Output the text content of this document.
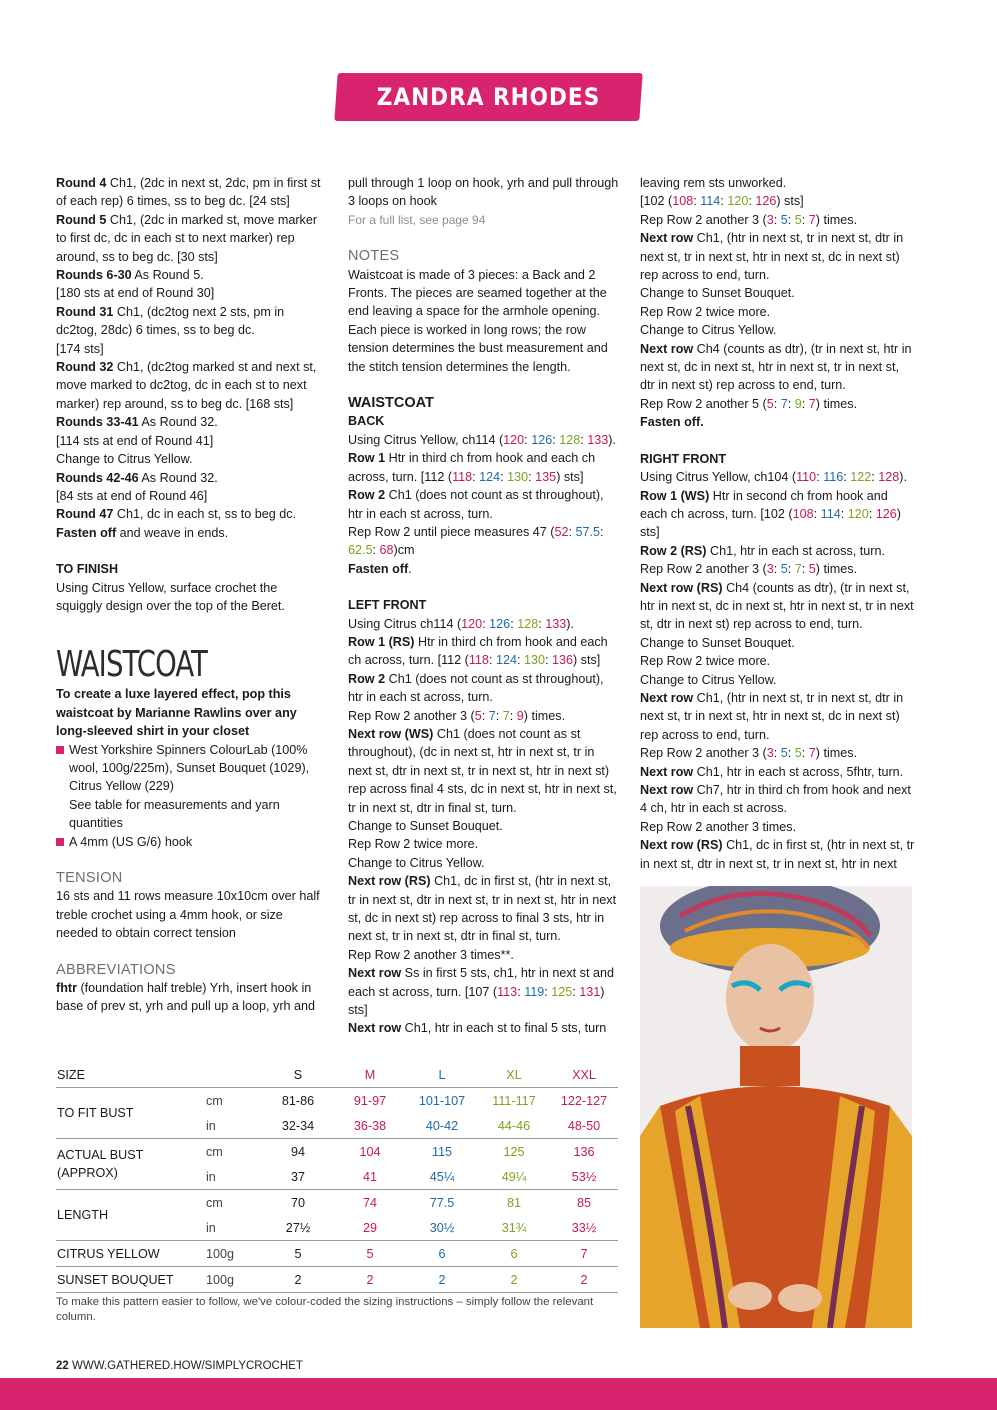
ZANDRA RHODES COLLECTION

Round 4 Ch1, (2dc in next st, 2dc, pm in first st of each rep) 6 times, ss to beg dc. [24 sts]

Round 5 Ch1, (2dc in marked st, move marker to first dc, dc in each st to next marker) rep around, ss to beg dc. [30 sts]

Rounds 6-30 As Round 5.

[180 sts at end of Round 30]

Round 31 Ch1, (dc2tog next 2 sts, pm in dc2tog, 28dc) 6 times, ss to beg dc.

[174 sts]

Round 32 Ch1, (dc2tog marked st and next st, move marked to dc2tog, dc in each st to next marker) rep around, ss to beg dc. [168 sts]

Rounds 33-41 As Round 32.

[114 sts at end of Round 41]

Change to Citrus Yellow.

Rounds 42-46 As Round 32.

[84 sts at end of Round 46]

Round 47 Ch1, dc in each st, ss to beg dc.

Fasten off and weave in ends.

TO FINISH

Using Citrus Yellow, surface crochet the squiggly design over the top of the Beret.

WAISTCOAT

To create a luxe layered effect, pop this waistcoat by Marianne Rawlins over any long-sleeved shirt in your closet

West Yorkshire Spinners ColourLab (100% wool, 100g/225m), Sunset Bouquet (1029), Citrus Yellow (229)

See table for measurements and yarn quantities

A 4mm (US G/6) hook

TENSION

16 sts and 11 rows measure 10x10cm over half treble crochet using a 4mm hook, or size needed to obtain correct tension

ABBREVIATIONS

fhtr (foundation half treble) Yrh, insert hook in base of prev st, yrh and pull up a loop, yrh and

pull through 1 loop on hook, yrh and pull through 3 loops on hook

For a full list, see page 94

NOTES

Waistcoat is made of 3 pieces: a Back and 2 Fronts. The pieces are seamed together at the end leaving a space for the armhole opening. Each piece is worked in long rows; the row tension determines the bust measurement and the stitch tension determines the length.

WAISTCOAT

BACK

Using Citrus Yellow, ch114 (120: 126: 128: 133).

Row 1 Htr in third ch from hook and each ch across, turn. [112 (118: 124: 130: 135) sts]

Row 2 Ch1 (does not count as st throughout), htr in each st across, turn.

Rep Row 2 until piece measures 47 (52: 57.5: 62.5: 68)cm

Fasten off.

LEFT FRONT

Using Citrus ch114 (120: 126: 128: 133).

Row 1 (RS) Htr in third ch from hook and each ch across, turn. [112 (118: 124: 130: 136) sts]

Row 2 Ch1 (does not count as st throughout), htr in each st across, turn.

Rep Row 2 another 3 (5: 7: 7: 9) times.

Next row (WS) Ch1 (does not count as st throughout), (dc in next st, htr in next st, tr in next st, dtr in next st, tr in next st, htr in next st) rep across final 4 sts, dc in next st, htr in next st, tr in next st, dtr in final st, turn.

Change to Sunset Bouquet.

Rep Row 2 twice more.

Change to Citrus Yellow.

Next row (RS) Ch1, dc in first st, (htr in next st, tr in next st, dtr in next st, tr in next st, htr in next st, dc in next st) rep across to final 3 sts, htr in next st, tr in next st, dtr in final st, turn.

Rep Row 2 another 3 times**.

Next row Ss in first 5 sts, ch1, htr in next st and each st across, turn. [107 (113: 119: 125: 131) sts]

Next row Ch1, htr in each st to final 5 sts, turn

leaving rem sts unworked.

[102 (108: 114: 120: 126) sts]

Rep Row 2 another 3 (3: 5: 5: 7) times.

Next row Ch1, (htr in next st, tr in next st, dtr in next st, tr in next st, htr in next st, dc in next st) rep across to end, turn.

Change to Sunset Bouquet.

Rep Row 2 twice more.

Change to Citrus Yellow.

Next row Ch4 (counts as dtr), (tr in next st, htr in next st, dc in next st, htr in next st, tr in next st, dtr in next st) rep across to end, turn.

Rep Row 2 another 5 (5: 7: 9: 7) times.

Fasten off.

RIGHT FRONT

Using Citrus Yellow, ch104 (110: 116: 122: 128).

Row 1 (WS) Htr in second ch from hook and each ch across, turn. [102 (108: 114: 120: 126) sts]

Row 2 (RS) Ch1, htr in each st across, turn.

Rep Row 2 another 3 (3: 5: 7: 5) times.

Next row (RS) Ch4 (counts as dtr), (tr in next st, htr in next st, dc in next st, htr in next st, tr in next st, dtr in next st) rep across to end, turn.

Change to Sunset Bouquet.

Rep Row 2 twice more.

Change to Citrus Yellow.

Next row Ch1, (htr in next st, tr in next st, dtr in next st, tr in next st, htr in next st, dc in next st) rep across to end, turn.

Rep Row 2 another 3 (3: 5: 5: 7) times.

Next row Ch1, htr in each st across, 5fhtr, turn.

Next row Ch7, htr in third ch from hook and next 4 ch, htr in each st across.

Rep Row 2 another 3 times.

Next row (RS) Ch1, dc in first st, (htr in next st, tr in next st, dtr in next st, tr in next st, htr in next

SIZE		S	M	L	XL	XXL
TO FIT BUST	cm	81-86	91-97	101-107	111-117	122-127
	in	32-34	36-38	40-42	44-46	48-50
ACTUAL BUST (APPROX)	cm	94	104	115	125	136
	in	37	41	45¼	49¼	53½
LENGTH	cm	70	74	77.5	81	85
	in	27½	29	30½	31¾	33½
CITRUS YELLOW	100g	5	5	6	6	7
SUNSET BOUQUET	100g	2	2	2	2	2
To make this pattern easier to follow, we've colour-coded the sizing instructions – simply follow the relevant column.
22 WWW.GATHERED.HOW/SIMPLYCROCHET
